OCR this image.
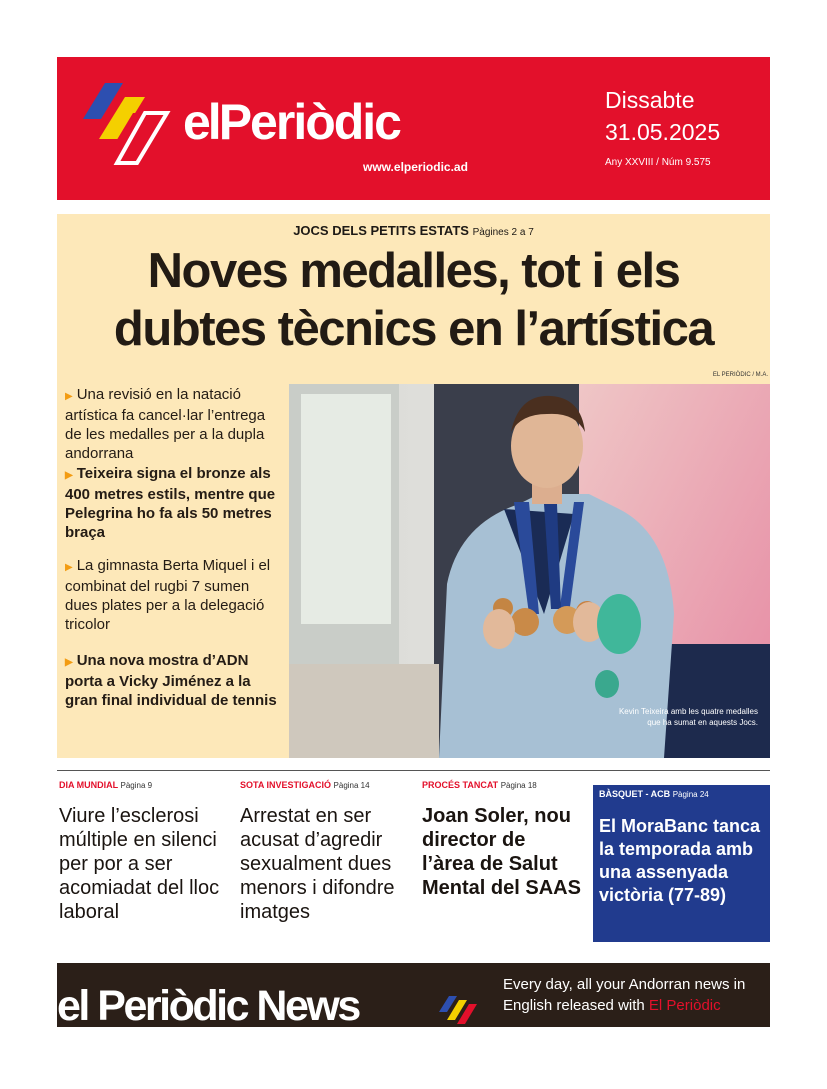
elPeriòdic
www.elperiodic.ad
Dissabte
31.05.2025
Any XXVIII / Núm 9.575
JOCS DELS PETITS ESTATS Pàgines 2 a 7
Noves medalles, tot i els
dubtes tècnics en l’artística
EL PERIÒDIC / M.A.
▶ Una revisió en la natació artística fa cancel·lar l’entrega de les medalles per a la dupla andorrana
▶ Teixeira signa el bronze als 400 metres estils, mentre que Pelegrina ho fa als 50 metres braça
▶ La gimnasta Berta Miquel i el combinat del rugbi 7 sumen dues plates per a la delegació tricolor
▶ Una nova mostra d’ADN porta a Vicky Jiménez a la gran final individual de tennis
Kevin Teixeira amb les quatre medalles
que ha sumat en aquests Jocs.
DIA MUNDIAL Pàgina 9
Viure l’esclerosi múltiple en silenci per por a ser acomiadat del lloc laboral
SOTA INVESTIGACIÓ Pàgina 14
Arrestat en ser acusat d’agredir sexualment dues menors i difondre imatges
PROCÉS TANCAT Pàgina 18
Joan Soler, nou director de l’àrea de Salut Mental del SAAS
BÀSQUET - ACB Pàgina 24
El MoraBanc tanca la temporada amb una assenyada victòria (77-89)
el Periòdic News	Every day, all your Andorran news in
English released with El Periòdic
